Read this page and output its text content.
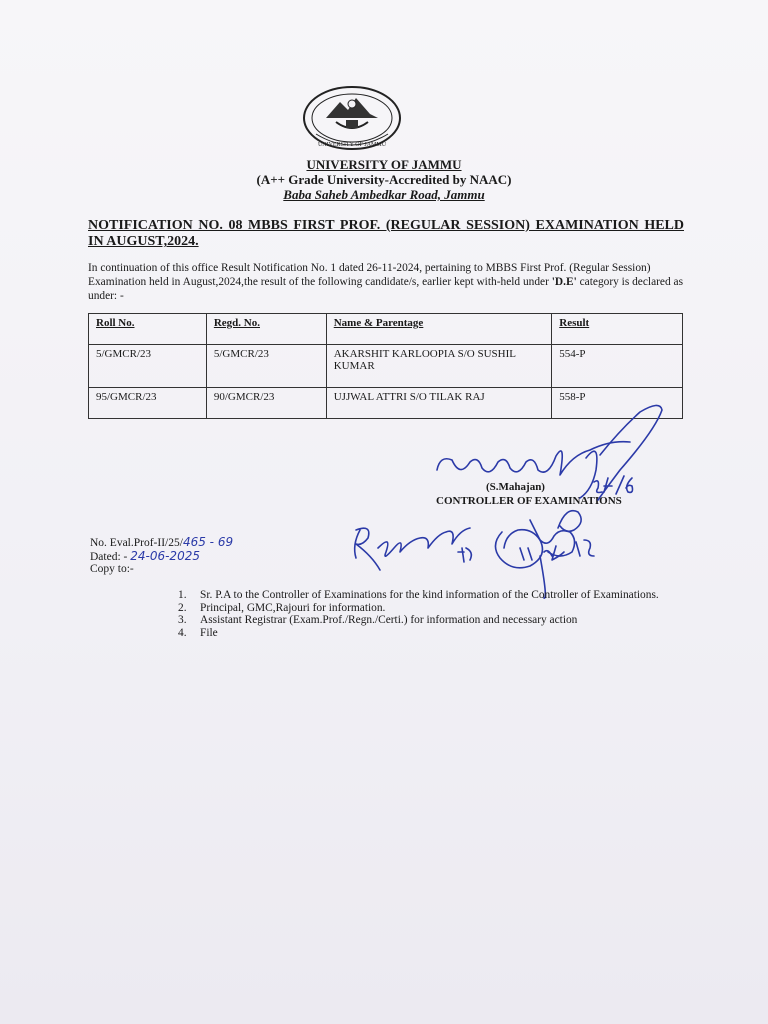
UNIVERSITY OF JAMMU
UNIVERSITY OF JAMMU
(A++ Grade University-Accredited by NAAC)
Baba Saheb Ambedkar Road, Jammu
NOTIFICATION NO. 08 MBBS FIRST PROF. (REGULAR SESSION) EXAMINATION HELD IN AUGUST,2024.
In continuation of this office Result Notification No. 1 dated 26-11-2024, pertaining to MBBS First Prof. (Regular Session) Examination held in August,2024,the result of the following candidate/s, earlier kept with-held under 'D.E' category is declared as under: -
Roll No.	Regd. No.	Name & Parentage	Result
5/GMCR/23	5/GMCR/23	AKARSHIT KARLOOPIA S/O SUSHIL KUMAR	554-P
95/GMCR/23	90/GMCR/23	UJJWAL ATTRI S/O TILAK RAJ	558-P
(S.Mahajan)
CONTROLLER OF EXAMINATIONS
No. Eval.Prof-II/25/465 - 69
Dated: - 24-06-2025
Copy to:-
1. Sr. P.A to the Controller of Examinations for the kind information of the Controller of Examinations.
2. Principal, GMC,Rajouri for information.
3. Assistant Registrar (Exam.Prof./Regn./Certi.) for information and necessary action
4. File
